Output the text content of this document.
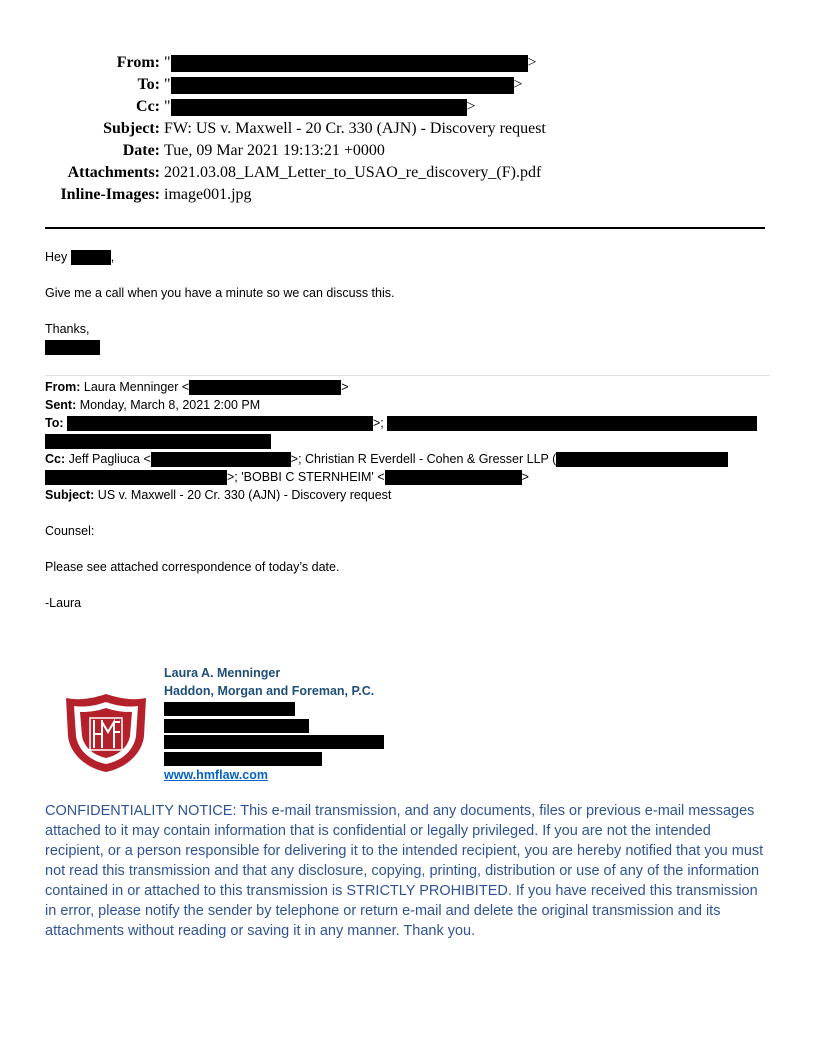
From: "	>
To: "	>
Cc: "	>
Subject: FW: US v. Maxwell - 20 Cr. 330 (AJN) - Discovery request
Date: Tue, 09 Mar 2021 19:13:21 +0000
Attachments: 2021.03.08_LAM_Letter_to_USAO_re_discovery_(F).pdf
Inline-Images: image001.jpg
Hey	,
Give me a call when you have a minute so we can discuss this.
Thanks,
From: Laura Menninger <	>
Sent: Monday, March 8, 2021 2:00 PM
To:	>;
Cc: Jeff Pagliuca <	>; Christian R Everdell - Cohen & Gresser LLP (
>; 'BOBBI C STERNHEIM' <	>
Subject: US v. Maxwell - 20 Cr. 330 (AJN) - Discovery request
Counsel:
Please see attached correspondence of today’s date.
-Laura
Laura A. Menninger
Haddon, Morgan and Foreman, P.C.
www.hmflaw.com
CONFIDENTIALITY NOTICE: This e-mail transmission, and any documents, files or previous e-mail messages attached to it may contain information that is confidential or legally privileged. If you are not the intended recipient, or a person responsible for delivering it to the intended recipient, you are hereby notified that you must not read this transmission and that any disclosure, copying, printing, distribution or use of any of the information contained in or attached to this transmission is STRICTLY PROHIBITED. If you have received this transmission in error, please notify the sender by telephone or return e-mail and delete the original transmission and its attachments without reading or saving it in any manner. Thank you.
